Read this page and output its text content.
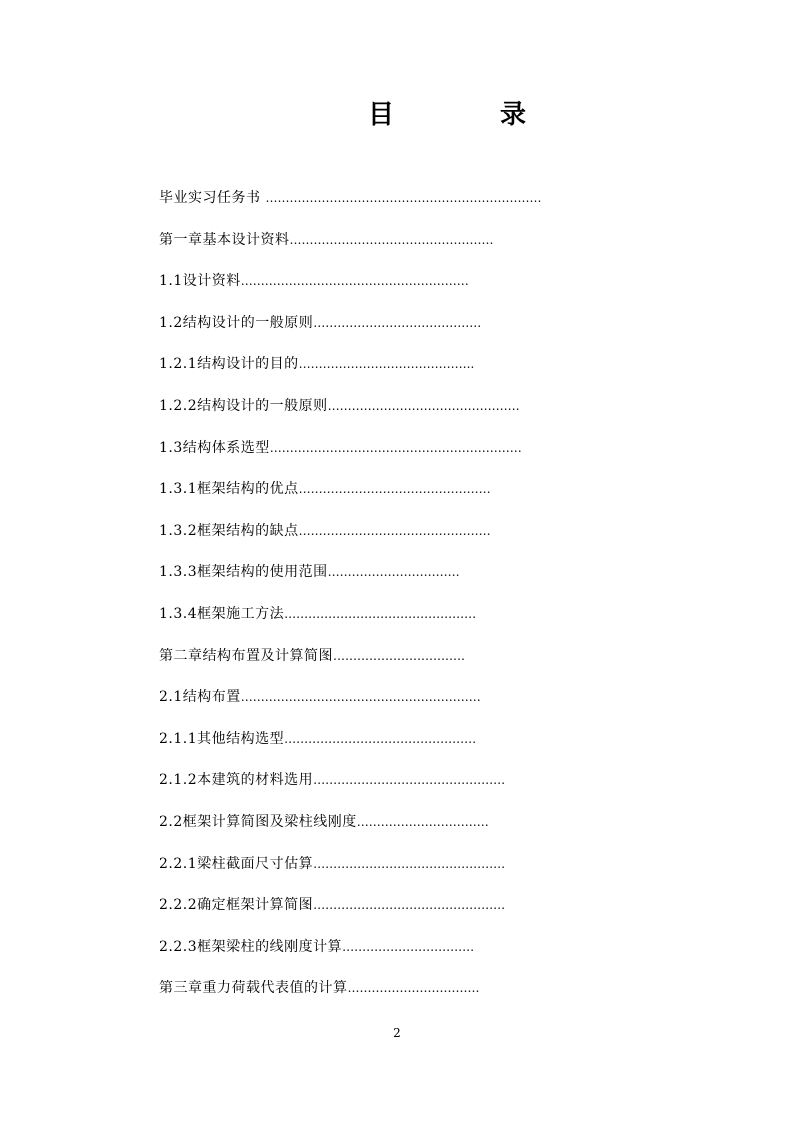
目	录
毕业实习任务书 ……………………………………………………………
第一章基本设计资料……………………………………………
1.1设计资料…………………………………………………
1.2结构设计的一般原则……………………………………
1.2.1结构设计的目的……………………………………..
1.2.2结构设计的一般原则…………………………………………
1.3结构体系选型………………………………………………………
1.3.1框架结构的优点…………………………………………
1.3.2框架结构的缺点…………………………………………
1.3.3框架结构的使用范围……………………………
1.3.4框架施工方法…………………………………………
第二章结构布置及计算简图……………………………
2.1结构布置……………………………………………………
2.1.1其他结构选型…………………………………………
2.1.2本建筑的材料选用…………………………………………
2.2框架计算简图及梁柱线刚度……………………………
2.2.1梁柱截面尺寸估算…………………………………………
2.2.2确定框架计算简图…………………………………………
2.2.3框架梁柱的线刚度计算……………………………
第三章重力荷载代表值的计算……………………………
2
